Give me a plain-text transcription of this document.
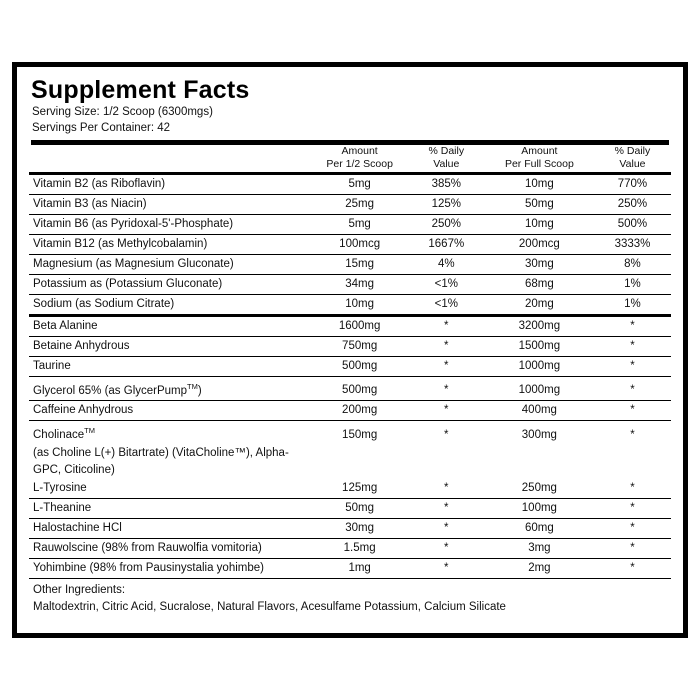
Supplement Facts
Serving Size: 1/2 Scoop (6300mgs)
Servings Per Container: 42

Amount
Per 1/2 Scoop

% Daily
Value

Amount
Per Full Scoop

% Daily
Value

Vitamin B2 (as Riboflavin)	5mg	385%	10mg	770%
Vitamin B3 (as Niacin)	25mg	125%	50mg	250%
Vitamin B6 (as Pyridoxal-5'-Phosphate)	5mg	250%	10mg	500%
Vitamin B12 (as Methylcobalamin)	100mcg	1667%	200mcg	3333%
Magnesium (as Magnesium Gluconate)	15mg	4%	30mg	8%
Potassium as (Potassium Gluconate)	34mg	<1%	68mg	1%
Sodium (as Sodium Citrate)	10mg	<1%	20mg	1%
Beta Alanine	1600mg	*	3200mg	*
Betaine Anhydrous	750mg	*	1500mg	*
Taurine	500mg	*	1000mg	*
Glycerol 65% (as GlycerPump™)	500mg	*	1000mg	*
Caffeine Anhydrous	200mg	*	400mg	*
Cholinace™	150mg	*	300mg	*
(as Choline L(+) Bitartrate) (VitaCholine™), Alpha-GPC, Citicoline)				
L-Tyrosine	125mg	*	250mg	*
L-Theanine	50mg	*	100mg	*
Halostachine HCl	30mg	*	60mg	*
Rauwolscine (98% from Rauwolfia vomitoria)	1.5mg	*	3mg	*
Yohimbine (98% from Pausinystalia yohimbe)	1mg	*	2mg	*
Other Ingredients:
Maltodextrin, Citric Acid, Sucralose, Natural Flavors, Acesulfame Potassium, Calcium Silicate
